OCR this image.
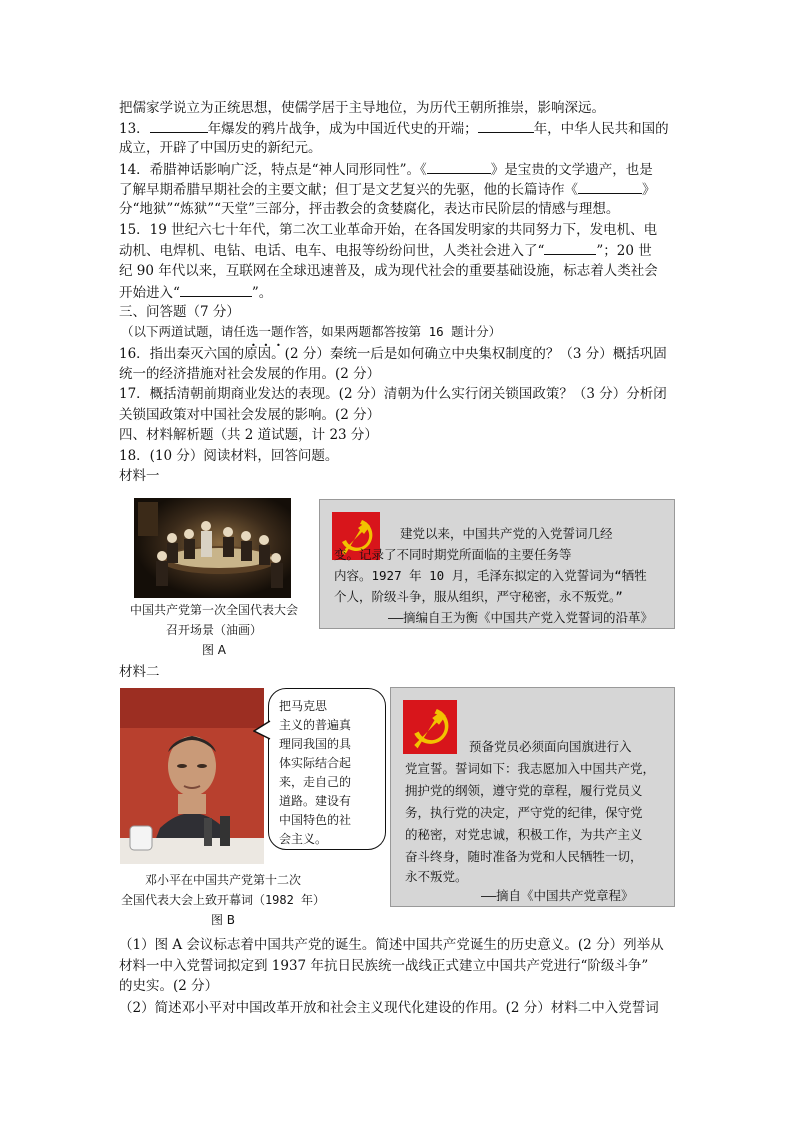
把儒家学说立为正统思想，使儒学居于主导地位，为历代王朝所推崇，影响深远。
13．	年爆发的鸦片战争，成为中国近代史的开端；	年，中华人民共和国的
成立，开辟了中国历史的新纪元。
14．希腊神话影响广泛，特点是“神人同形同性”。《	》是宝贵的文学遗产，也是
了解早期希腊早期社会的主要文献；但丁是文艺复兴的先驱，他的长篇诗作《	》
分“地狱”“炼狱”“天堂”三部分，抨击教会的贪婪腐化，表达市民阶层的情感与理想。
15．19 世纪六七十年代，第二次工业革命开始，在各国发明家的共同努力下，发电机、电
动机、电焊机、电钻、电话、电车、电报等纷纷问世，人类社会进入了“	”；20 世
纪 90 年代以来，互联网在全球迅速普及，成为现代社会的重要基础设施，标志着人类社会
开始进入“	”。
三、问答题（7 分）
（以下两道试题，请任选一题作答，如果两题都答按第 16 题计分）
16．指出秦灭六国的原因。(2 分）秦统一后是如何确立中央集权制度的？（3 分）概括巩固
统一的经济措施对社会发展的作用。(2 分）
17．概括清朝前期商业发达的表现。(2 分）清朝为什么实行闭关锁国政策？（3 分）分析闭
关锁国政策对中国社会发展的影响。(2 分）
四、材料解析题（共 2 道试题，计 23 分）
18．(10 分）阅读材料，回答问题。
材料一
中国共产党第一次全国代表大会
召开场景（油画）
图 A
建党以来，中国共产党的入党誓词几经
变。记录了不同时期党所面临的主要任务等
内容。1927 年 10 月，毛泽东拟定的入党誓词为“牺牲
个人，阶级斗争，服从组织，严守秘密，永不叛党。”
——摘编自王为衡《中国共产党入党誓词的沿革》
材料二
把马克思
主义的普遍真
理同我国的具
体实际结合起
来，走自己的
道路。建设有
中国特色的社
会主义。
邓小平在中国共产党第十二次
全国代表大会上致开幕词（1982 年）
图 B
预备党员必须面向国旗进行入
党宣誓。誓词如下：我志愿加入中国共产党，
拥护党的纲领，遵守党的章程，履行党员义
务，执行党的决定，严守党的纪律，保守党
的秘密，对党忠诚，积极工作，为共产主义
奋斗终身，随时准备为党和人民牺牲一切，
永不叛党。
——摘自《中国共产党章程》
（1）图 A 会议标志着中国共产党的诞生。简述中国共产党诞生的历史意义。(2 分）列举从
材料一中入党誓词拟定到 1937 年抗日民族统一战线正式建立中国共产党进行“阶级斗争”
的史实。(2 分）
（2）简述邓小平对中国改革开放和社会主义现代化建设的作用。(2 分）材料二中入党誓词
